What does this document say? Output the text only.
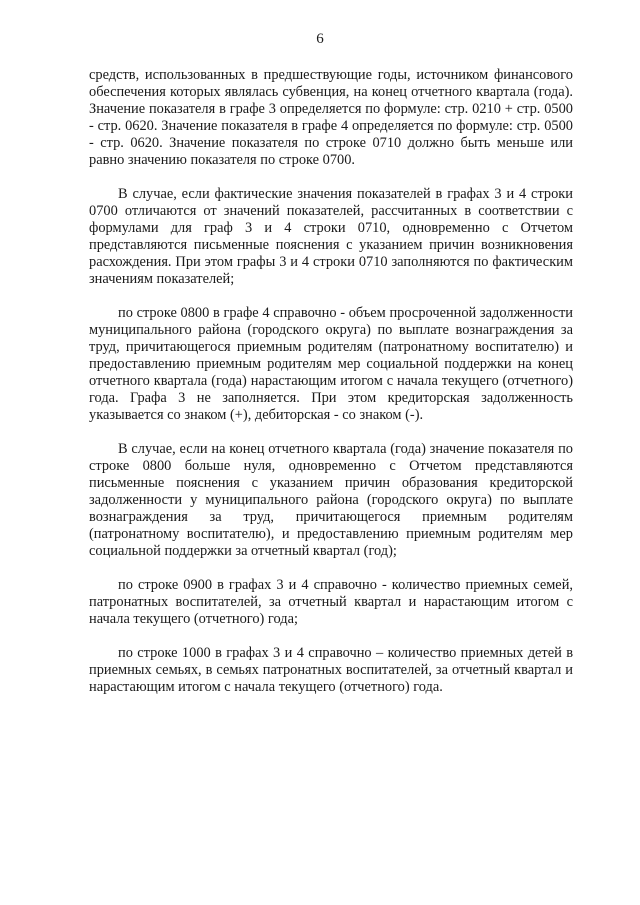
6

средств, использованных в предшествующие годы, источником финансового обеспечения которых являлась субвенция, на конец отчетного квартала (года). Значение показателя в графе 3 определяется по формуле: стр. 0210 + стр. 0500 - стр. 0620. Значение показателя в графе 4 определяется по формуле: стр. 0500 - стр. 0620. Значение показателя по строке 0710 должно быть меньше или равно значению показателя по строке 0700.

В случае, если фактические значения показателей в графах 3 и 4 строки 0700 отличаются от значений показателей, рассчитанных в соответствии с формулами для граф 3 и 4 строки 0710, одновременно с Отчетом представляются письменные пояснения с указанием причин возникновения расхождения. При этом графы 3 и 4 строки 0710 заполняются по фактическим значениям показателей;

по строке 0800 в графе 4 справочно - объем просроченной задолженности муниципального района (городского округа) по выплате вознаграждения за труд, причитающегося приемным родителям (патронатному воспитателю) и предоставлению приемным родителям мер социальной поддержки на конец отчетного квартала (года) нарастающим итогом с начала текущего (отчетного) года. Графа 3 не заполняется. При этом кредиторская задолженность указывается со знаком (+), дебиторская - со знаком (-).

В случае, если на конец отчетного квартала (года) значение показателя по строке 0800 больше нуля, одновременно с Отчетом представляются письменные пояснения с указанием причин образования кредиторской задолженности у муниципального района (городского округа) по выплате вознаграждения за труд, причитающегося приемным родителям (патронатному воспитателю), и предоставлению приемным родителям мер социальной поддержки за отчетный квартал (год);

по строке 0900 в графах 3 и 4 справочно - количество приемных семей, патронатных воспитателей, за отчетный квартал и нарастающим итогом с начала текущего (отчетного) года;

по строке 1000 в графах 3 и 4 справочно – количество приемных детей в приемных семьях, в семьях патронатных воспитателей, за отчетный квартал и нарастающим итогом с начала текущего (отчетного) года.
